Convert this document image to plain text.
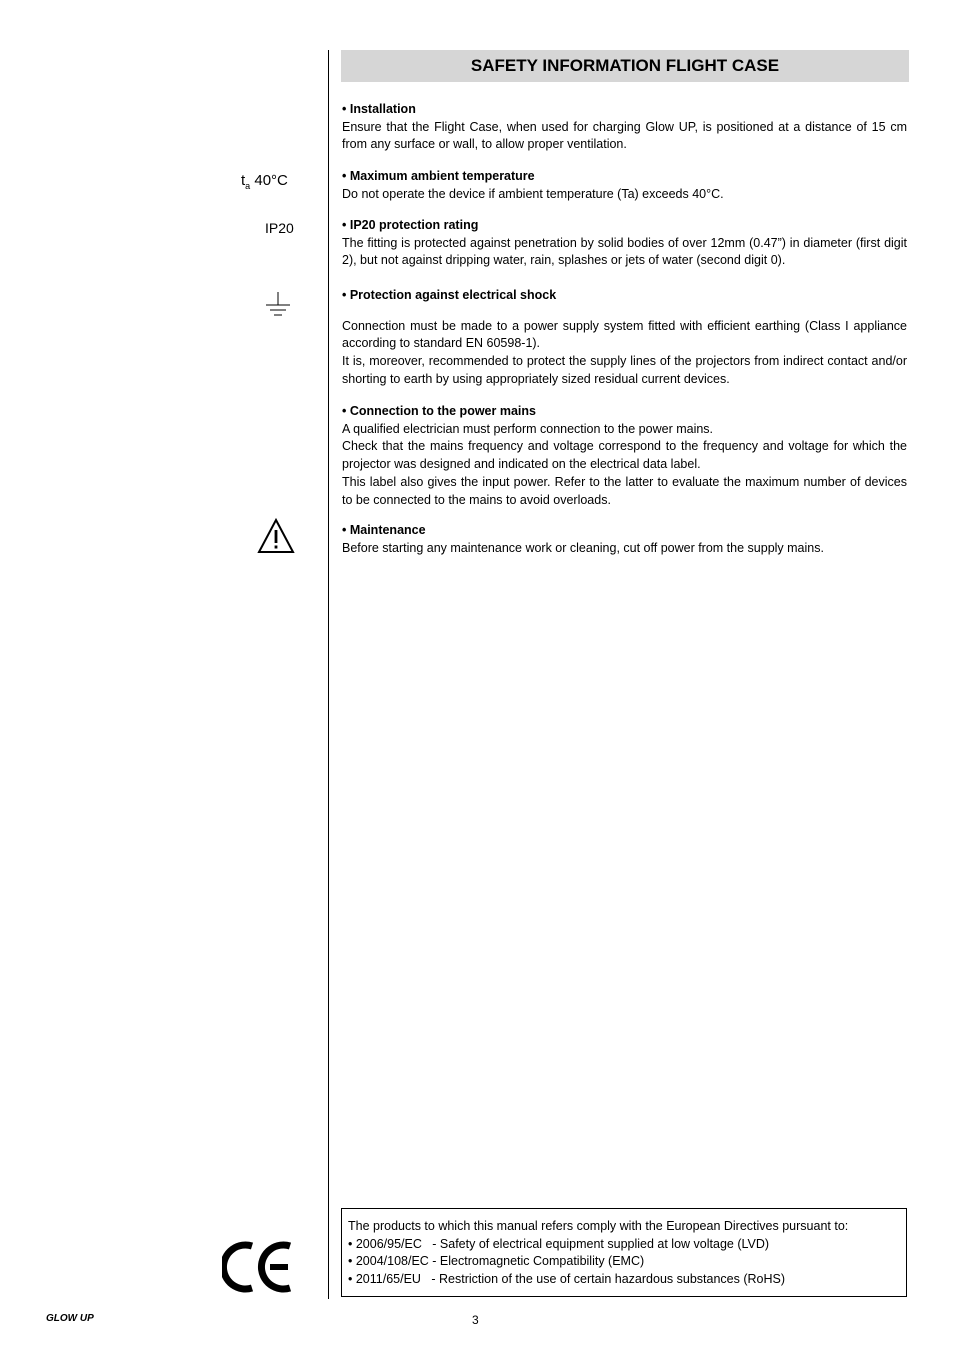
SAFETY INFORMATION FLIGHT CASE
$t_a$ 40°C
IP20
• Installation

Ensure that the Flight Case, when used for charging Glow UP, is positioned at a distance of 15 cm from any surface or wall, to allow proper ventilation.

• Maximum ambient temperature

Do not operate the device if ambient temperature (Ta) exceeds 40°C.

• IP20 protection rating

The fitting is protected against penetration by solid bodies of over 12mm (0.47”) in diameter (first digit 2), but not against dripping water, rain, splashes or jets of water (second digit 0).

• Protection against electrical shock

Connection must be made to a power supply system fitted with efficient earthing (Class I appliance according to standard EN 60598-1).

It is, moreover, recommended to protect the supply lines of the projectors from indirect contact and/or shorting to earth by using appropriately sized residual current devices.

• Connection to the power mains

A qualified electrician must perform connection to the power mains.

Check that the mains frequency and voltage correspond to the frequency and voltage for which the projector was designed and indicated on the electrical data label.

This label also gives the input power. Refer to the latter to evaluate the maximum number of devices to be connected to the mains to avoid overloads.

• Maintenance

Before starting any maintenance work or cleaning, cut off power from the supply mains.

The products to which this manual refers comply with the European Directives pursuant to:
• 2006/95/EC   - Safety of electrical equipment supplied at low voltage (LVD)
• 2004/108/EC - Electromagnetic Compatibility (EMC)
• 2011/65/EU   - Restriction of the use of certain hazardous substances (RoHS)
GLOW UP	3
